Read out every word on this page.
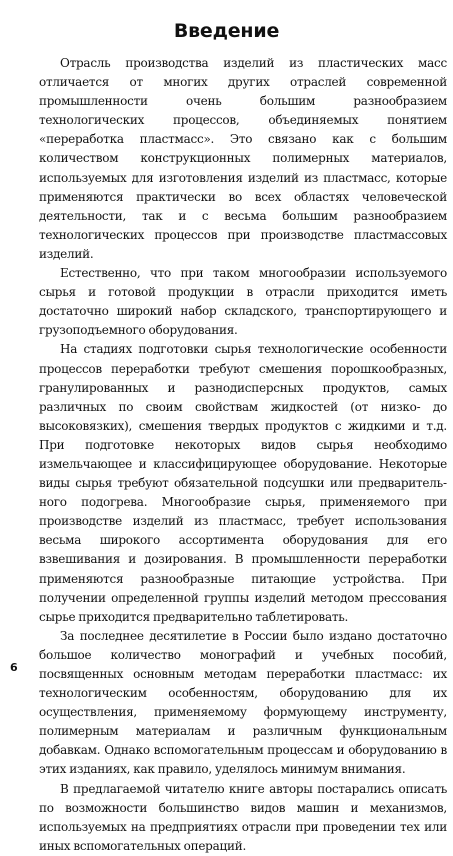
Введение

Отрасль производства изделий из пластических масс отличается от многих других отраслей современной промышленности очень большим разнообразием технологических процессов, объединяемых понятием «переработка пластмасс». Это связано как с большим количеством конструкционных полимерных материалов, используемых для изготовления изделий из пластмасс, которые применяются практически во всех областях человеческой деятельности, так и с весьма большим разнообразием технологических процессов при производстве пластмассовых изделий.

Естественно, что при таком многообразии используемого сырья и готовой продукции в отрасли приходится иметь достаточно широкий набор складского, транспортирующего и грузоподъемного оборудования.

На стадиях подготовки сырья технологические особенности процессов переработки требуют смешения порошкообразных, гранулированных и разнодисперсных продуктов, самых различных по своим свойствам жидкостей (от низко- до высоковязких), смешения твердых продуктов с жидкими и т.д. При подготовке некоторых видов сырья необходимо измельчающее и классифицирующее оборудование. Некоторые виды сырья требуют обязательной подсушки или предварительного подогрева. Многообразие сырья, применяемого при производстве изделий из пластмасс, требует использования весьма широкого ассортимента оборудования для его взвешивания и дозирования. В промышленности переработки применяются разнообразные питающие устройства. При получении определенной группы изделий методом прессования сырье приходится предварительно таблетировать.

За последнее десятилетие в России было издано достаточно большое количество монографий и учебных пособий, посвященных основным методам переработки пластмасс: их технологическим особенностям, оборудованию для их осуществления, применяемому формующему инструменту, полимерным материалам и различным функциональным добавкам. Однако вспомогательным процессам и оборудованию в этих изданиях, как правило, уделялось минимум внимания.

В предлагаемой читателю книге авторы постарались описать по возможности большинство видов машин и механизмов, используемых на предприятиях отрасли при проведении тех или иных вспомогательных операций.

6
